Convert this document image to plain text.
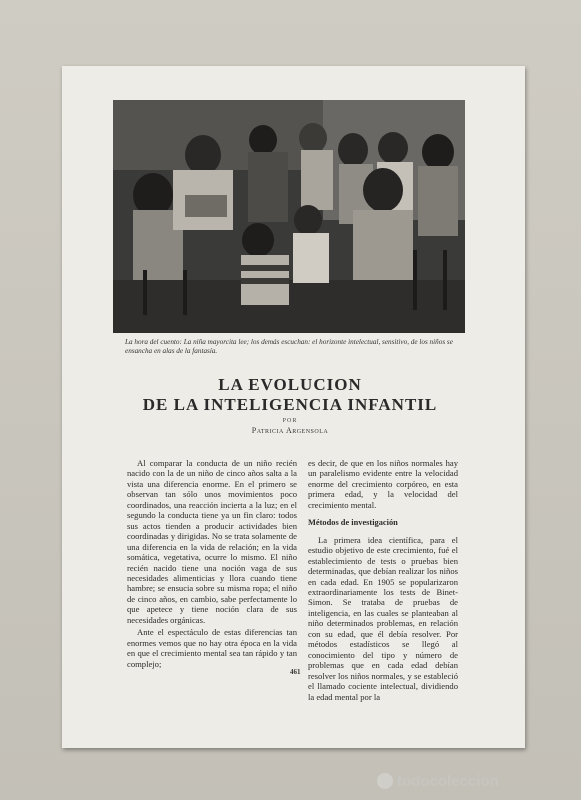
La hora del cuento: La niña mayorcita lee; los demás escuchan: el horizonte intelectual, sensitivo, de los niños se ensancha en alas de la fantasía.
LA EVOLUCION
DE LA INTELIGENCIA INFANTIL
POR
Patricia Argensola

Al comparar la conducta de un niño recién nacido con la de un niño de cinco años salta a la vista una diferencia enorme. En el primero se observan tan sólo unos movimientos poco coordinados, una reacción incierta a la luz; en el segundo la conducta tiene ya un fin claro: todos sus actos tienden a producir actividades bien coordinadas y dirigidas. No se trata solamente de una diferencia en la vida de relación; en la vida somática, vegetativa, ocurre lo mismo. El niño recién nacido tiene una noción vaga de sus necesidades alimenticias y llora cuando tiene hambre; se ensucia sobre su misma ropa; el niño de cinco años, en cambio, sabe perfectamente lo que apetece y tiene noción clara de sus necesidades orgánicas.

Ante el espectáculo de estas diferencias tan enormes vemos que no hay otra época en la vida en que el crecimiento mental sea tan rápido y tan complejo;

es decir, de que en los niños normales hay un paralelismo evidente entre la velocidad enorme del crecimiento corpóreo, en esta primera edad, y la velocidad del crecimiento mental.

Métodos de investigación

La primera idea científica, para el estudio objetivo de este crecimiento, fué el establecimiento de tests o pruebas bien determinadas, que debían realizar los niños en cada edad. En 1905 se popularizaron extraordinariamente los tests de Binet-Simon. Se trataba de pruebas de inteligencia, en las cuales se planteaban al niño determinados problemas, en relación con su edad, que él debía resolver. Por métodos estadísticos se llegó al conocimiento del tipo y número de problemas que en cada edad debían resolver los niños normales, y se estableció el llamado cociente intelectual, dividiendo la edad mental por la

461
todocoleccion
